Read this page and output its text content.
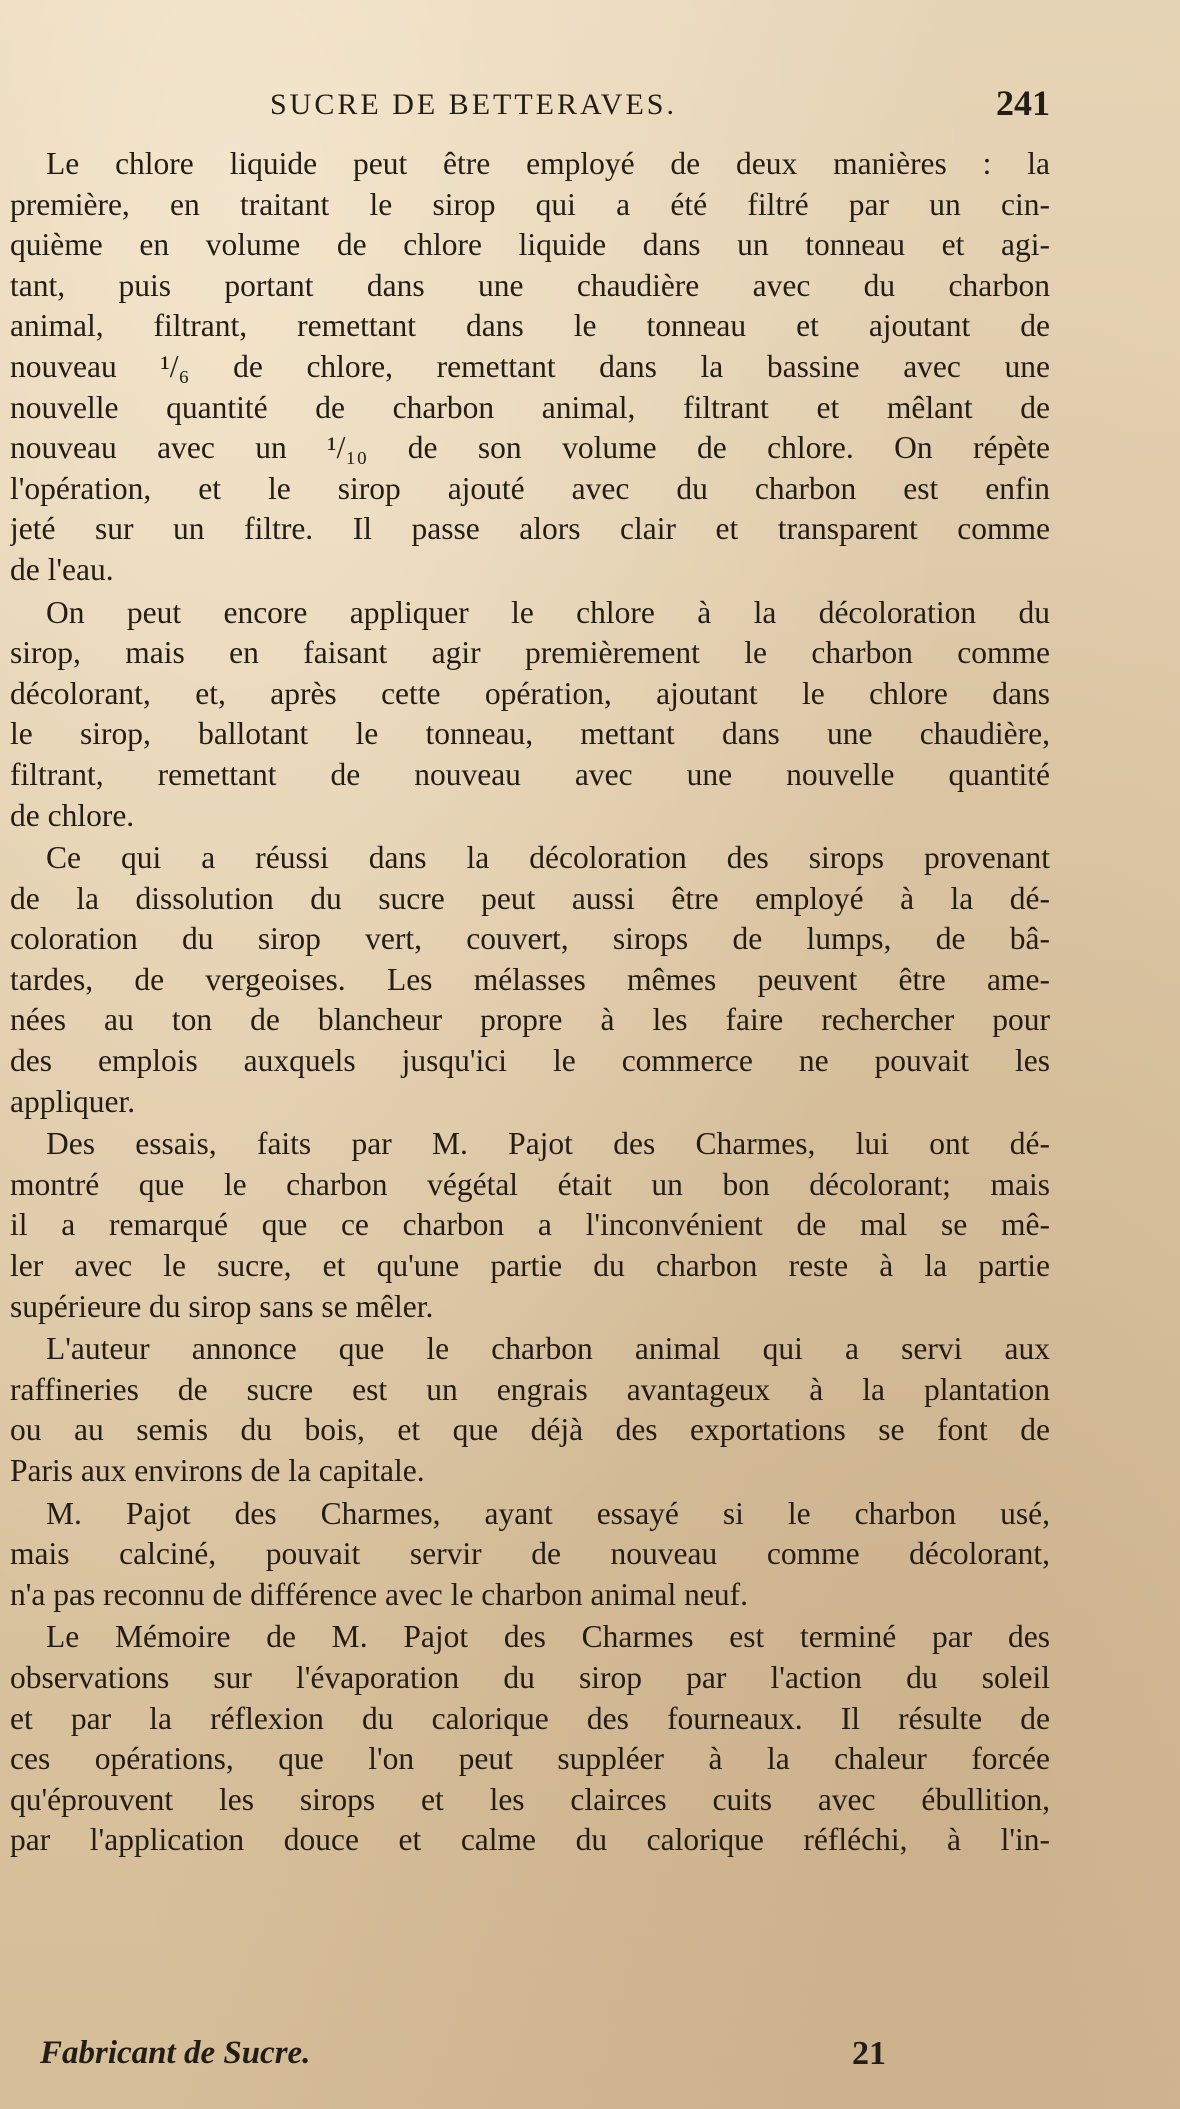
SUCRE DE BETTERAVES.	241
Le chlore liquide peut être employé de deux manières : la
première, en traitant le sirop qui a été filtré par un cin-
quième en volume de chlore liquide dans un tonneau et agi-
tant, puis portant dans une chaudière avec du charbon
animal, filtrant, remettant dans le tonneau et ajoutant de
nouveau ¹/₆ de chlore, remettant dans la bassine avec une
nouvelle quantité de charbon animal, filtrant et mêlant de
nouveau avec un ¹/₁₀ de son volume de chlore. On répète
l'opération, et le sirop ajouté avec du charbon est enfin
jeté sur un filtre. Il passe alors clair et transparent comme
de l'eau.
On peut encore appliquer le chlore à la décoloration du
sirop, mais en faisant agir premièrement le charbon comme
décolorant, et, après cette opération, ajoutant le chlore dans
le sirop, ballotant le tonneau, mettant dans une chaudière,
filtrant, remettant de nouveau avec une nouvelle quantité
de chlore.
Ce qui a réussi dans la décoloration des sirops provenant
de la dissolution du sucre peut aussi être employé à la dé-
coloration du sirop vert, couvert, sirops de lumps, de bâ-
tardes, de vergeoises. Les mélasses mêmes peuvent être ame-
nées au ton de blancheur propre à les faire rechercher pour
des emplois auxquels jusqu'ici le commerce ne pouvait les
appliquer.
Des essais, faits par M. Pajot des Charmes, lui ont dé-
montré que le charbon végétal était un bon décolorant; mais
il a remarqué que ce charbon a l'inconvénient de mal se mê-
ler avec le sucre, et qu'une partie du charbon reste à la partie
supérieure du sirop sans se mêler.
L'auteur annonce que le charbon animal qui a servi aux
raffineries de sucre est un engrais avantageux à la plantation
ou au semis du bois, et que déjà des exportations se font de
Paris aux environs de la capitale.
M. Pajot des Charmes, ayant essayé si le charbon usé,
mais calciné, pouvait servir de nouveau comme décolorant,
n'a pas reconnu de différence avec le charbon animal neuf.
Le Mémoire de M. Pajot des Charmes est terminé par des
observations sur l'évaporation du sirop par l'action du soleil
et par la réflexion du calorique des fourneaux. Il résulte de
ces opérations, que l'on peut suppléer à la chaleur forcée
qu'éprouvent les sirops et les clairces cuits avec ébullition,
par l'application douce et calme du calorique réfléchi, à l'in-
Fabricant de Sucre.	21
